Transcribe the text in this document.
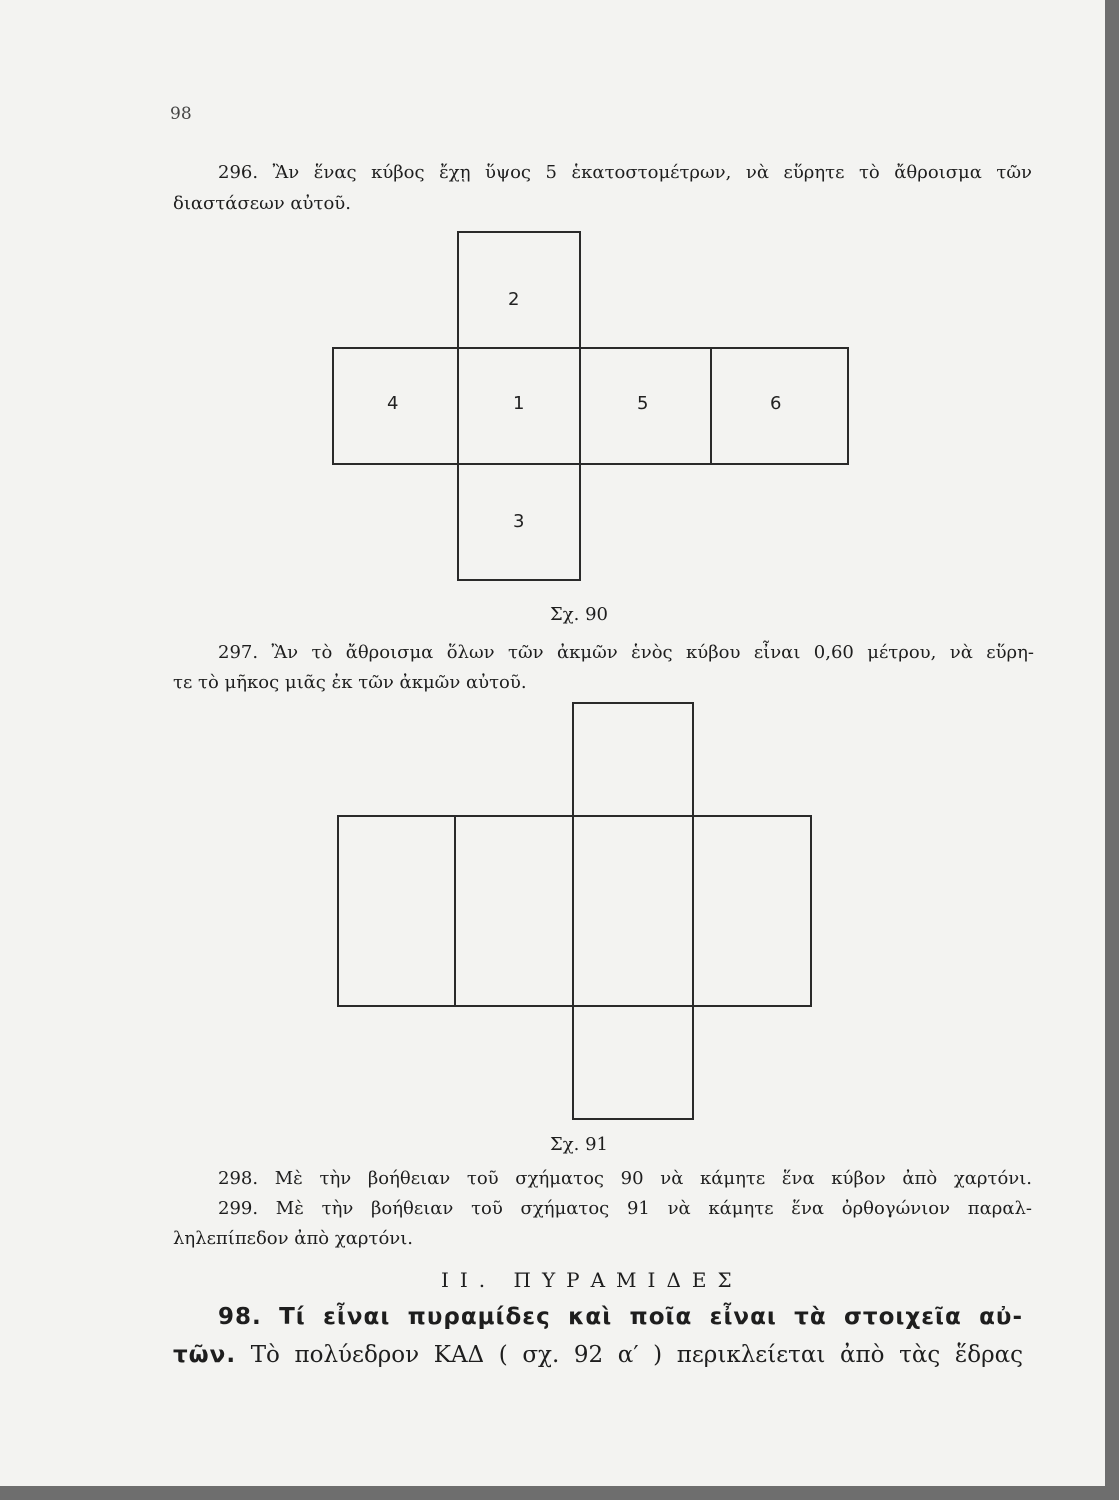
98
296. Ἂν ἕνας κύβος ἔχῃ ὕψος 5 ἑκατοστομέτρων, νὰ εὕρητε τὸ ἄθροισμα τῶν
διαστάσεων αὐτοῦ.
2
4	1	5	6
3
Σχ. 90
297. Ἂν τὸ ἄθροισμα ὅλων τῶν ἀκμῶν ἑνὸς κύβου εἶναι 0,60 μέτρου, νὰ εὕρη-
τε τὸ μῆκος μιᾶς ἐκ τῶν ἀκμῶν αὐτοῦ.
Σχ. 91
298. Μὲ τὴν βοήθειαν τοῦ σχήματος 90 νὰ κάμητε ἕνα κύβον ἀπὸ χαρτόνι.
299. Μὲ τὴν βοήθειαν τοῦ σχήματος 91 νὰ κάμητε ἕνα ὀρθογώνιον παραλ-
ληλεπίπεδον ἀπὸ χαρτόνι.
II. ΠΥΡΑΜΙΔΕΣ
98. Τί εἶναι πυραμίδες καὶ ποῖα εἶναι τὰ στοιχεῖα αὐ-
τῶν. Τὸ πολύεδρον ΚΑΔ ( σχ. 92 α′ ) περικλείεται ἀπὸ τὰς ἕδρας
